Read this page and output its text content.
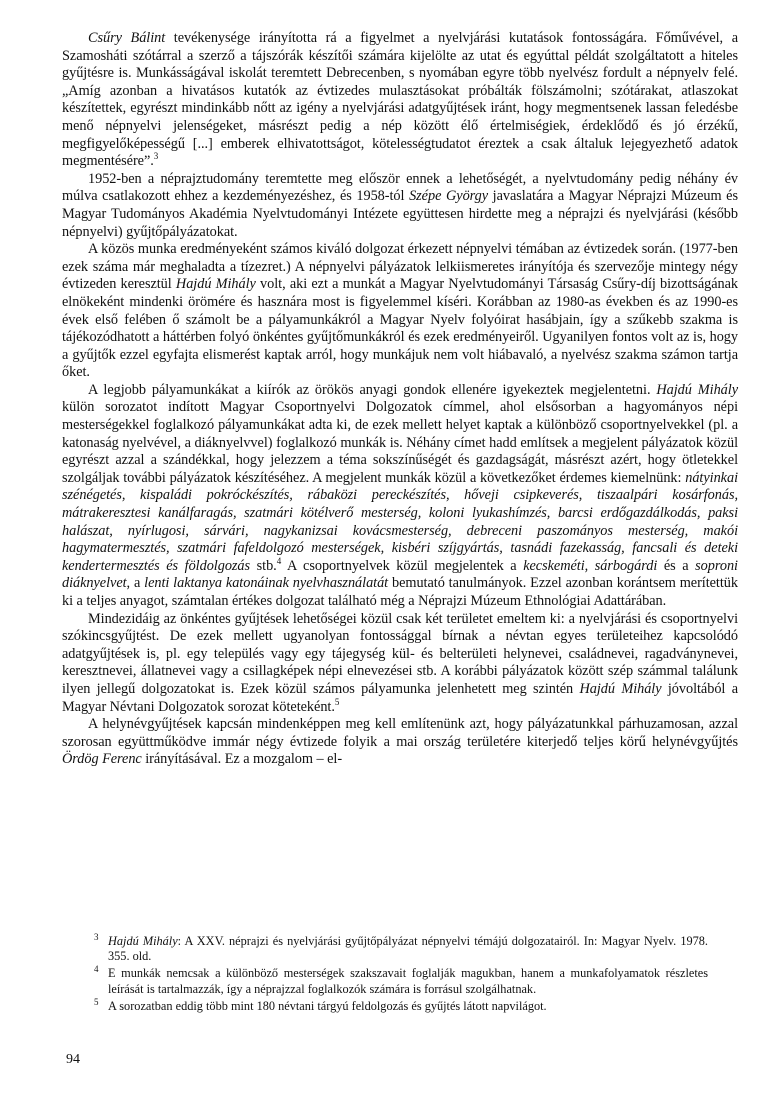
Csűry Bálint tevékenysége irányította rá a figyelmet a nyelvjárási kutatások fontosságára. Főművével, a Szamosháti szótárral a szerző a tájszórák készítői számára kijelölte az utat és egyúttal példát szolgáltatott a hiteles gyűjtésre is. Munkásságával iskolát teremtett Debrecenben, s nyomában egyre több nyelvész fordult a népnyelv felé. „Amíg azonban a hivatásos kutatók az évtizedes mulasztásokat próbálták fölszámolni; szótárakat, atlaszokat készítettek, egyrészt mindinkább nőtt az igény a nyelvjárási adatgyűjtések iránt, hogy megmentsenek lassan feledésbe menő népnyelvi jelenségeket, másrészt pedig a nép között élő értelmiségiek, érdeklődő és jó érzékű, megfigyelőképességű [...] emberek elhivatottságot, kötelességtudatot éreztek a csak általuk lejegyezhető adatok megmentésére”.$^3$

1952-ben a néprajztudomány teremtette meg először ennek a lehetőségét, a nyelvtudomány pedig néhány év múlva csatlakozott ehhez a kezdeményezéshez, és 1958-tól Szépe György javaslatára a Magyar Néprajzi Múzeum és Magyar Tudományos Akadémia Nyelvtudományi Intézete együttesen hirdette meg a néprajzi és nyelvjárási (később népnyelvi) gyűjtőpályázatokat.

A közös munka eredményeként számos kiváló dolgozat érkezett népnyelvi témában az évtizedek során. (1977-ben ezek száma már meghaladta a tízezret.) A népnyelvi pályázatok lelkiismeretes irányítója és szervezője mintegy négy évtizeden keresztül Hajdú Mihály volt, aki ezt a munkát a Magyar Nyelvtudományi Társaság Csűry-díj bizottságának elnökeként mindenki örömére és hasznára most is figyelemmel kíséri. Korábban az 1980-as években és az 1990-es évek első felében ő számolt be a pályamunkákról a Magyar Nyelv folyóirat hasábjain, így a szűkebb szakma is tájékozódhatott a háttérben folyó önkéntes gyűjtőmunkákról és ezek eredményeiről. Ugyanilyen fontos volt az is, hogy a gyűjtők ezzel egyfajta elismerést kaptak arról, hogy munkájuk nem volt hiábavaló, a nyelvész szakma számon tartja őket.

A legjobb pályamunkákat a kiírók az örökös anyagi gondok ellenére igyekeztek megjelentetni. Hajdú Mihály külön sorozatot indított Magyar Csoportnyelvi Dolgozatok címmel, ahol elsősorban a hagyományos népi mesterségekkel foglalkozó pályamunkákat adta ki, de ezek mellett helyet kaptak a különböző csoportnyelvekkel (pl. a katonaság nyelvével, a diáknyelvvel) foglalkozó munkák is. Néhány címet hadd említsek a megjelent pályázatok közül egyrészt azzal a szándékkal, hogy jelezzem a téma sokszínűségét és gazdagságát, másrészt azért, hogy ötletekkel szolgáljak további pályázatok készítéséhez. A megjelent munkák közül a következőket érdemes kiemelnünk: nátyinkai szénégetés, kispaládi pokróckészítés, rábaközi pereckészítés, hőveji csipkeverés, tiszaalpári kosárfonás, mátrakeresztesi kanálfaragás, szatmári kötélverő mesterség, koloni lyukashímzés, barcsi erdőgazdálkodás, paksi halászat, nyírlugosi, sárvári, nagykanizsai kovácsmesterség, debreceni paszományos mesterség, makói hagymatermesztés, szatmári fafeldolgozó mesterségek, kisbéri szíjgyártás, tasnádi fazekasság, fancsali és deteki kendertermesztés és földolgozás stb.$^4$ A csoportnyelvek közül megjelentek a kecskeméti, sárbogárdi és a soproni diáknyelvet, a lenti laktanya katonáinak nyelvhasználatát bemutató tanulmányok. Ezzel azonban korántsem merítettük ki a teljes anyagot, számtalan értékes dolgozat található még a Néprajzi Múzeum Ethnológiai Adattárában.

Mindezidáig az önkéntes gyűjtések lehetőségei közül csak két területet emeltem ki: a nyelvjárási és csoportnyelvi szókincsgyűjtést. De ezek mellett ugyanolyan fontossággal bírnak a névtan egyes területeihez kapcsolódó adatgyűjtések is, pl. egy település vagy egy tájegység kül- és belterületi helynevei, családnevei, ragadványnevei, keresztnevei, állatnevei vagy a csillagképek népi elnevezései stb. A korábbi pályázatok között szép számmal találunk ilyen jellegű dolgozatokat is. Ezek közül számos pályamunka jelenhetett meg szintén Hajdú Mihály jóvoltából a Magyar Névtani Dolgozatok sorozat köteteként.$^5$

A helynévgyűjtések kapcsán mindenképpen meg kell említenünk azt, hogy pályázatunkkal párhuzamosan, azzal szorosan együttműködve immár négy évtizede folyik a mai ország területére kiterjedő teljes körű helynévgyűjtés Ördög Ferenc irányításával. Ez a mozgalom – el-

3 Hajdú Mihály: A XXV. néprajzi és nyelvjárási gyűjtőpályázat népnyelvi témájú dolgozatairól. In: Magyar Nyelv. 1978. 355. old.
4 E munkák nemcsak a különböző mesterségek szakszavait foglalják magukban, hanem a munkafolyamatok részletes leírását is tartalmazzák, így a néprajzzal foglalkozók számára is forrásul szolgálhatnak.
5 A sorozatban eddig több mint 180 névtani tárgyú feldolgozás és gyűjtés látott napvilágot.
94
